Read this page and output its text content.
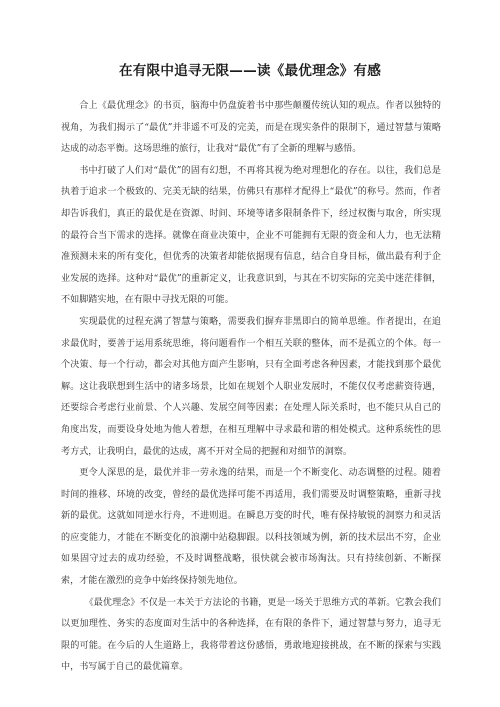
在有限中追寻无限——读《最优理念》有感

合上《最优理念》的书页，脑海中仍盘旋着书中那些颠覆传统认知的观点。作者以独特的视角，为我们揭示了“最优”并非遥不可及的完美，而是在现实条件的限制下，通过智慧与策略达成的动态平衡。这场思维的旅行，让我对“最优”有了全新的理解与感悟。

书中打破了人们对“最优”的固有幻想，不再将其视为绝对理想化的存在。以往，我们总是执着于追求一个极致的、完美无缺的结果，仿佛只有那样才配得上“最优”的称号。然而，作者却告诉我们，真正的最优是在资源、时间、环境等诸多限制条件下，经过权衡与取舍，所实现的最符合当下需求的选择。就像在商业决策中，企业不可能拥有无限的资金和人力，也无法精准预测未来的所有变化，但优秀的决策者却能依据现有信息，结合自身目标，做出最有利于企业发展的选择。这种对“最优”的重新定义，让我意识到，与其在不切实际的完美中迷茫徘徊，不如脚踏实地，在有限中寻找无限的可能。

实现最优的过程充满了智慧与策略，需要我们摒弃非黑即白的简单思维。作者提出，在追求最优时，要善于运用系统思维，将问题看作一个相互关联的整体，而不是孤立的个体。每一个决策、每一个行动，都会对其他方面产生影响，只有全面考虑各种因素，才能找到那个最优解。这让我联想到生活中的诸多场景，比如在规划个人职业发展时，不能仅仅考虑薪资待遇，还要综合考虑行业前景、个人兴趣、发展空间等因素；在处理人际关系时，也不能只从自己的角度出发，而要设身处地为他人着想，在相互理解中寻求最和谐的相处模式。这种系统性的思考方式，让我明白，最优的达成，离不开对全局的把握和对细节的洞察。

更令人深思的是，最优并非一劳永逸的结果，而是一个不断变化、动态调整的过程。随着时间的推移、环境的改变，曾经的最优选择可能不再适用，我们需要及时调整策略，重新寻找新的最优。这就如同逆水行舟，不进则退。在瞬息万变的时代，唯有保持敏锐的洞察力和灵活的应变能力，才能在不断变化的浪潮中站稳脚跟。以科技领域为例，新的技术层出不穷，企业如果固守过去的成功经验，不及时调整战略，很快就会被市场淘汰。只有持续创新、不断探索，才能在激烈的竞争中始终保持领先地位。

《最优理念》不仅是一本关于方法论的书籍，更是一场关于思维方式的革新。它教会我们以更加理性、务实的态度面对生活中的各种选择，在有限的条件下，通过智慧与努力，追寻无限的可能。在今后的人生道路上，我将带着这份感悟，勇敢地迎接挑战，在不断的探索与实践中，书写属于自己的最优篇章。
